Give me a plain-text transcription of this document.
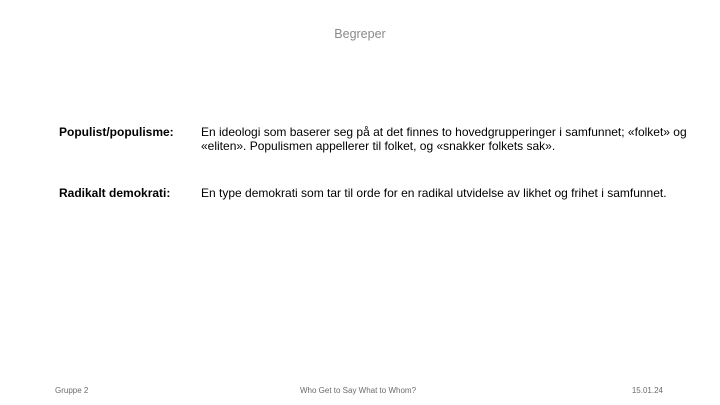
Begreper
Populist/populisme:	En ideologi som baserer seg på at det finnes to hovedgrupperinger i samfunnet; «folket» og «eliten». Populismen appellerer til folket, og «snakker folkets sak».
Radikalt demokrati:	En type demokrati som tar til orde for en radikal utvidelse av likhet og frihet i samfunnet.
Gruppe 2	Who Get to Say What to Whom?	15.01.24
